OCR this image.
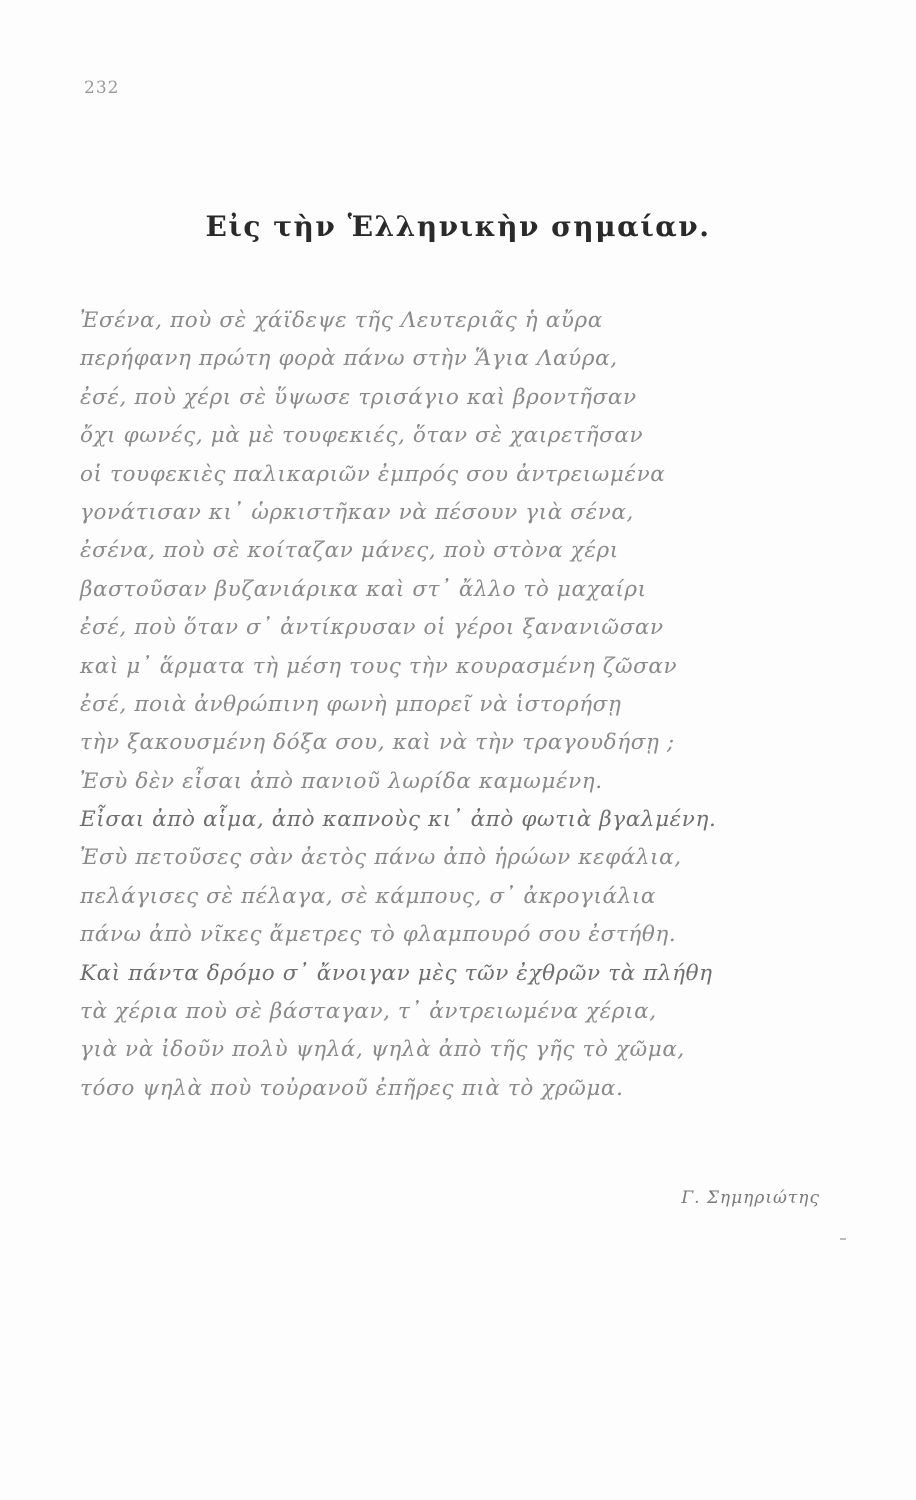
232
Εἰς τὴν Ἑλληνικὴν σημαίαν.
Ἐσένα, ποὺ σὲ χάϊδεψε τῆς Λευτεριᾶς ἡ αὔρα
περήφανη πρώτη φορὰ πάνω στὴν Ἅγια Λαύρα,
ἐσέ, ποὺ χέρι σὲ ὕψωσε τρισάγιο καὶ βροντῆσαν
ὄχι φωνές, μὰ μὲ τουφεκιές, ὅταν σὲ χαιρετῆσαν
οἱ τουφεκιὲς παλικαριῶν ἐμπρός σου ἀντρειωμένα
γονάτισαν κι᾿ ὡρκιστῆκαν νὰ πέσουν γιὰ σένα,
ἐσένα, ποὺ σὲ κοίταζαν μάνες, ποὺ στὸνα χέρι
βαστοῦσαν βυζανιάρικα καὶ στ᾿ ἄλλο τὸ μαχαίρι
ἐσέ, ποὺ ὅταν σ᾿ ἀντίκρυσαν οἱ γέροι ξανανιῶσαν
καὶ μ᾿ ἅρματα τὴ μέση τους τὴν κουρασμένη ζῶσαν
ἐσέ, ποιὰ ἀνθρώπινη φωνὴ μπορεῖ νὰ ἱστορήσῃ
τὴν ξακουσμένη δόξα σου, καὶ νὰ τὴν τραγουδήσῃ ;
Ἐσὺ δὲν εἶσαι ἀπὸ πανιοῦ λωρίδα καμωμένη.
Εἶσαι ἀπὸ αἷμα, ἀπὸ καπνοὺς κι᾿ ἀπὸ φωτιὰ βγαλμένη.
Ἐσὺ πετοῦσες σὰν ἀετὸς πάνω ἀπὸ ἡρώων κεφάλια,
πελάγισες σὲ πέλαγα, σὲ κάμπους, σ᾿ ἀκρογιάλια
πάνω ἀπὸ νῖκες ἄμετρες τὸ φλαμπουρό σου ἐστήθη.
Καὶ πάντα δρόμο σ᾿ ἄνοιγαν μὲς τῶν ἐχθρῶν τὰ πλήθη
τὰ χέρια ποὺ σὲ βάσταγαν, τ᾿ ἀντρειωμένα χέρια,
γιὰ νὰ ἰδοῦν πολὺ ψηλά, ψηλὰ ἀπὸ τῆς γῆς τὸ χῶμα,
τόσο ψηλὰ ποὺ τοὐρανοῦ ἐπῆρες πιὰ τὸ χρῶμα.
Γ. Σημηριώτης
